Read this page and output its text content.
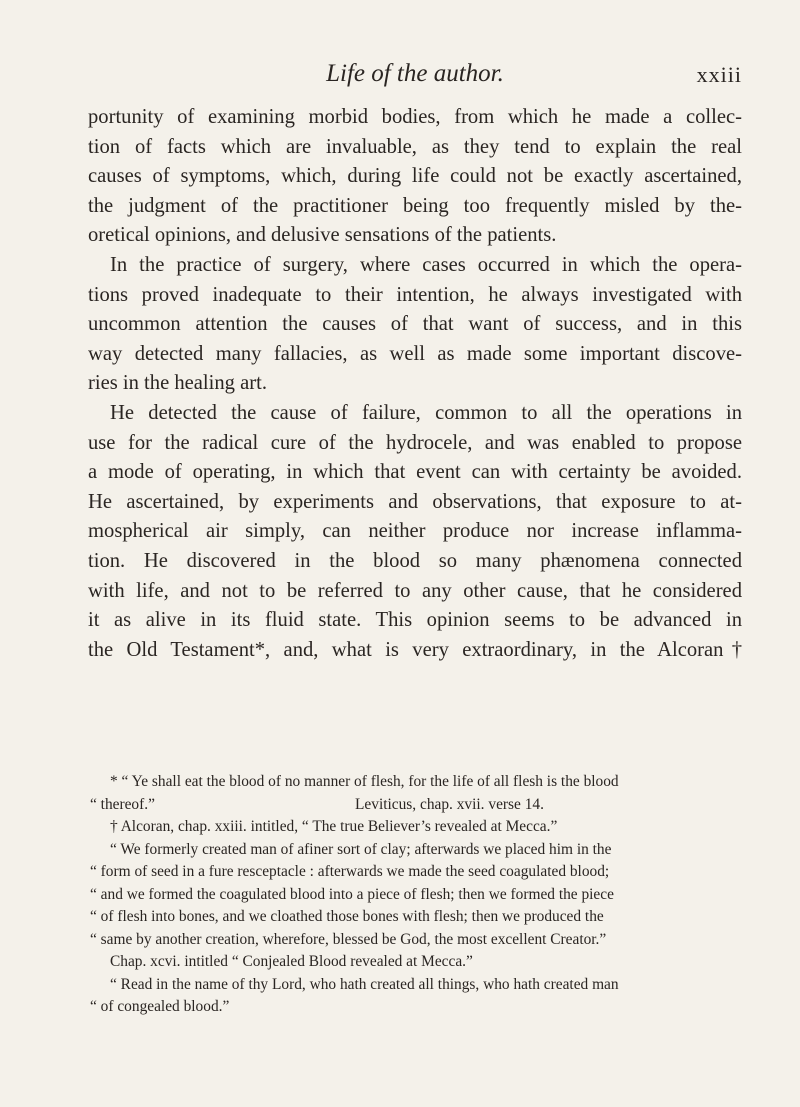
Life of the author.	xxiii
portunity of examining morbid bodies, from which he made a collec-
tion of facts which are invaluable, as they tend to explain the real
causes of symptoms, which, during life could not be exactly ascertained,
the judgment of the practitioner being too frequently misled by the-
oretical opinions, and delusive sensations of the patients.
In the practice of surgery, where cases occurred in which the opera-
tions proved inadequate to their intention, he always investigated with
uncommon attention the causes of that want of success, and in this
way detected many fallacies, as well as made some important discove-
ries in the healing art.
He detected the cause of failure, common to all the operations in
use for the radical cure of the hydrocele, and was enabled to propose
a mode of operating, in which that event can with certainty be avoided.
He ascertained, by experiments and observations, that exposure to at-
mospherical air simply, can neither produce nor increase inflamma-
tion. He discovered in the blood so many phænomena connected
with life, and not to be referred to any other cause, that he considered
it as alive in its fluid state. This opinion seems to be advanced in
the Old Testament*, and, what is very extraordinary, in the Alcoran†
* “ Ye shall eat the blood of no manner of flesh, for the life of all flesh is the blood
“ thereof.”                                                    Leviticus, chap. xvii. verse 14.
† Alcoran, chap. xxiii. intitled, “ The true Believer’s revealed at Mecca.”
“ We formerly created man of afiner sort of clay; afterwards we placed him in the
“ form of seed in a fure resceptacle : afterwards we made the seed coagulated blood;
“ and we formed the coagulated blood into a piece of flesh; then we formed the piece
“ of flesh into bones, and we cloathed those bones with flesh; then we produced the
“ same by another creation, wherefore, blessed be God, the most excellent Creator.”
Chap. xcvi. intitled “ Conjealed Blood revealed at Mecca.”
“ Read in the name of thy Lord, who hath created all things, who hath created man
“ of congealed blood.”
